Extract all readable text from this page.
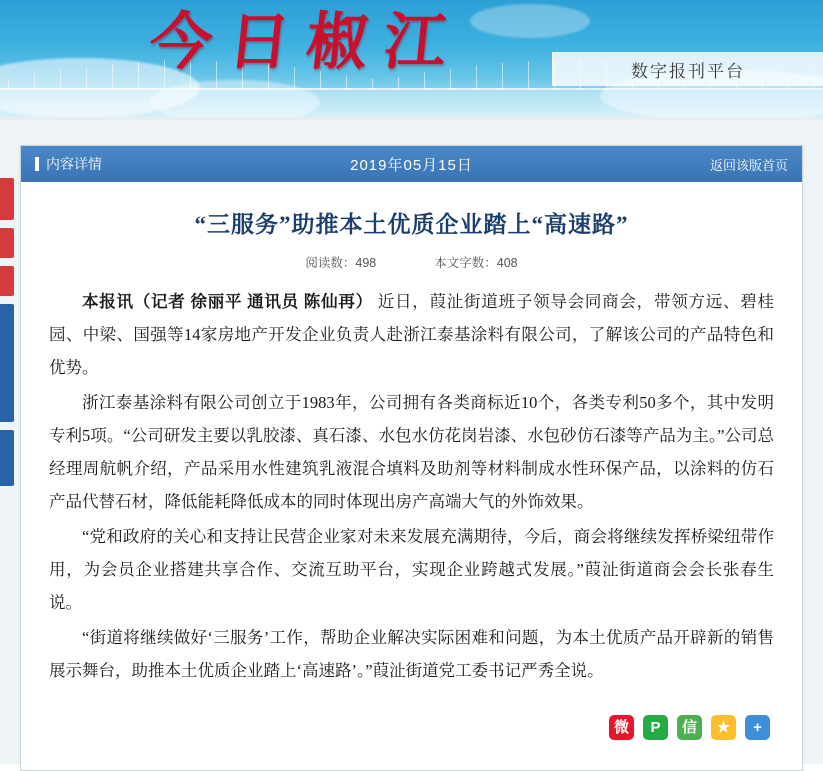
今日椒江	数字报刊平台
内容详情	2019年05月15日	返回该版首页
“三服务”助推本土优质企业踏上“高速路”
阅读数：498	本文字数：408

本报讯（记者 徐丽平 通讯员 陈仙再） 近日，葭沚街道班子领导会同商会，带领方远、碧桂园、中梁、国强等14家房地产开发企业负责人赴浙江泰基涂料有限公司，了解该公司的产品特色和优势。

浙江泰基涂料有限公司创立于1983年，公司拥有各类商标近10个，各类专利50多个，其中发明专利5项。“公司研发主要以乳胶漆、真石漆、水包水仿花岗岩漆、水包砂仿石漆等产品为主。”公司总经理周航帆介绍，产品采用水性建筑乳液混合填料及助剂等材料制成水性环保产品，以涂料的仿石产品代替石材，降低能耗降低成本的同时体现出房产高端大气的外饰效果。

“党和政府的关心和支持让民营企业家对未来发展充满期待，今后，商会将继续发挥桥梁纽带作用，为会员企业搭建共享合作、交流互助平台，实现企业跨越式发展。”葭沚街道商会会长张春生说。

“街道将继续做好‘三服务’工作，帮助企业解决实际困难和问题，为本土优质产品开辟新的销售展示舞台，助推本土优质企业踏上‘高速路’。”葭沚街道党工委书记严秀全说。

微	P	信	★	+
